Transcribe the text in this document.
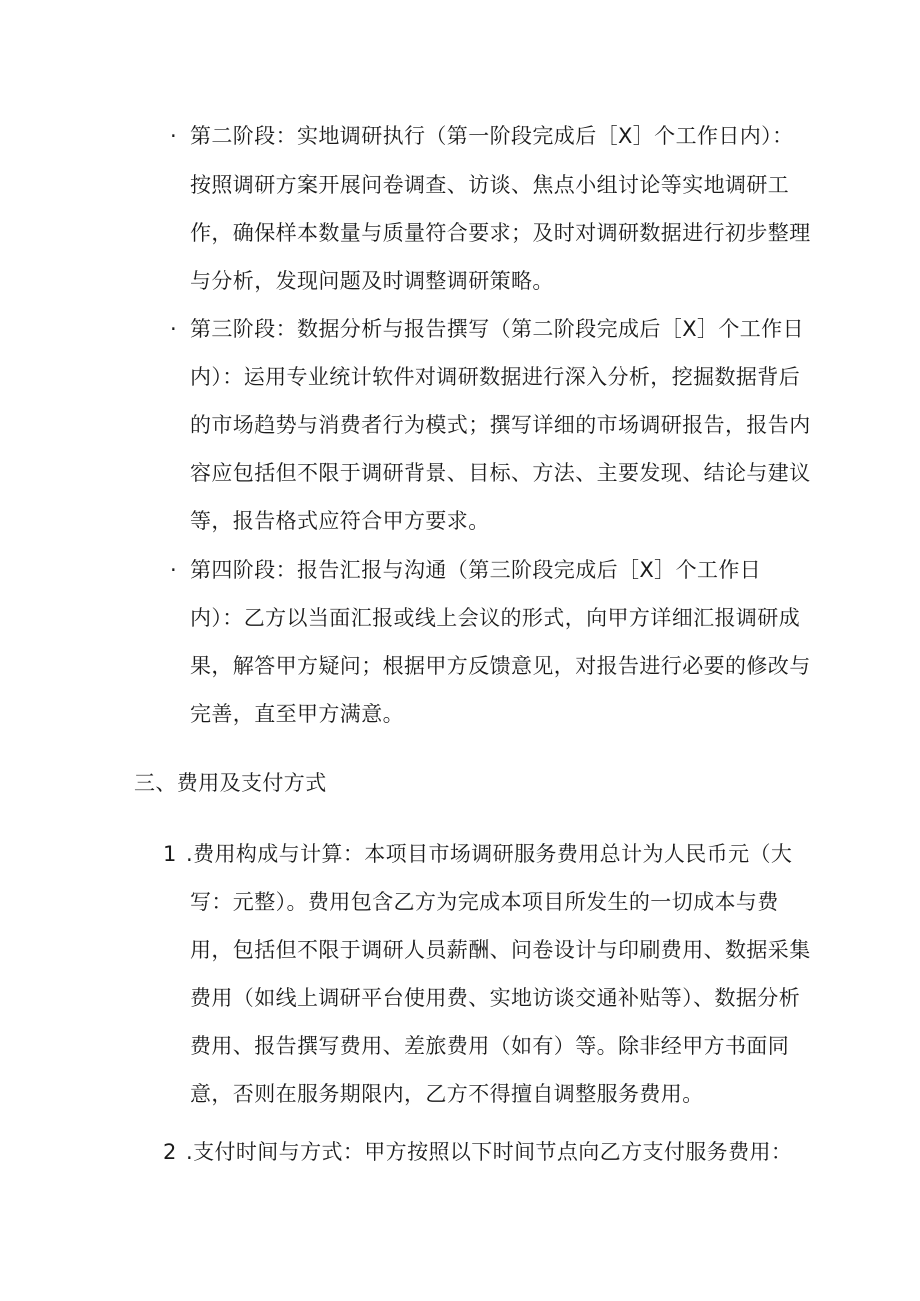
· 第二阶段：实地调研执行（第一阶段完成后［X］个工作日内）：
按照调研方案开展问卷调查、访谈、焦点小组讨论等实地调研工
作，确保样本数量与质量符合要求；及时对调研数据进行初步整理
与分析，发现问题及时调整调研策略。
· 第三阶段：数据分析与报告撰写（第二阶段完成后［X］个工作日
内）：运用专业统计软件对调研数据进行深入分析，挖掘数据背后
的市场趋势与消费者行为模式；撰写详细的市场调研报告，报告内
容应包括但不限于调研背景、目标、方法、主要发现、结论与建议
等，报告格式应符合甲方要求。
· 第四阶段：报告汇报与沟通（第三阶段完成后［X］个工作日
内）：乙方以当面汇报或线上会议的形式，向甲方详细汇报调研成
果，解答甲方疑问；根据甲方反馈意见，对报告进行必要的修改与
完善，直至甲方满意。
三、费用及支付方式
1 .费用构成与计算：本项目市场调研服务费用总计为人民币元（大
写：元整）。费用包含乙方为完成本项目所发生的一切成本与费
用，包括但不限于调研人员薪酬、问卷设计与印刷费用、数据采集
费用（如线上调研平台使用费、实地访谈交通补贴等）、数据分析
费用、报告撰写费用、差旅费用（如有）等。除非经甲方书面同
意，否则在服务期限内，乙方不得擅自调整服务费用。
2 .支付时间与方式：甲方按照以下时间节点向乙方支付服务费用：
